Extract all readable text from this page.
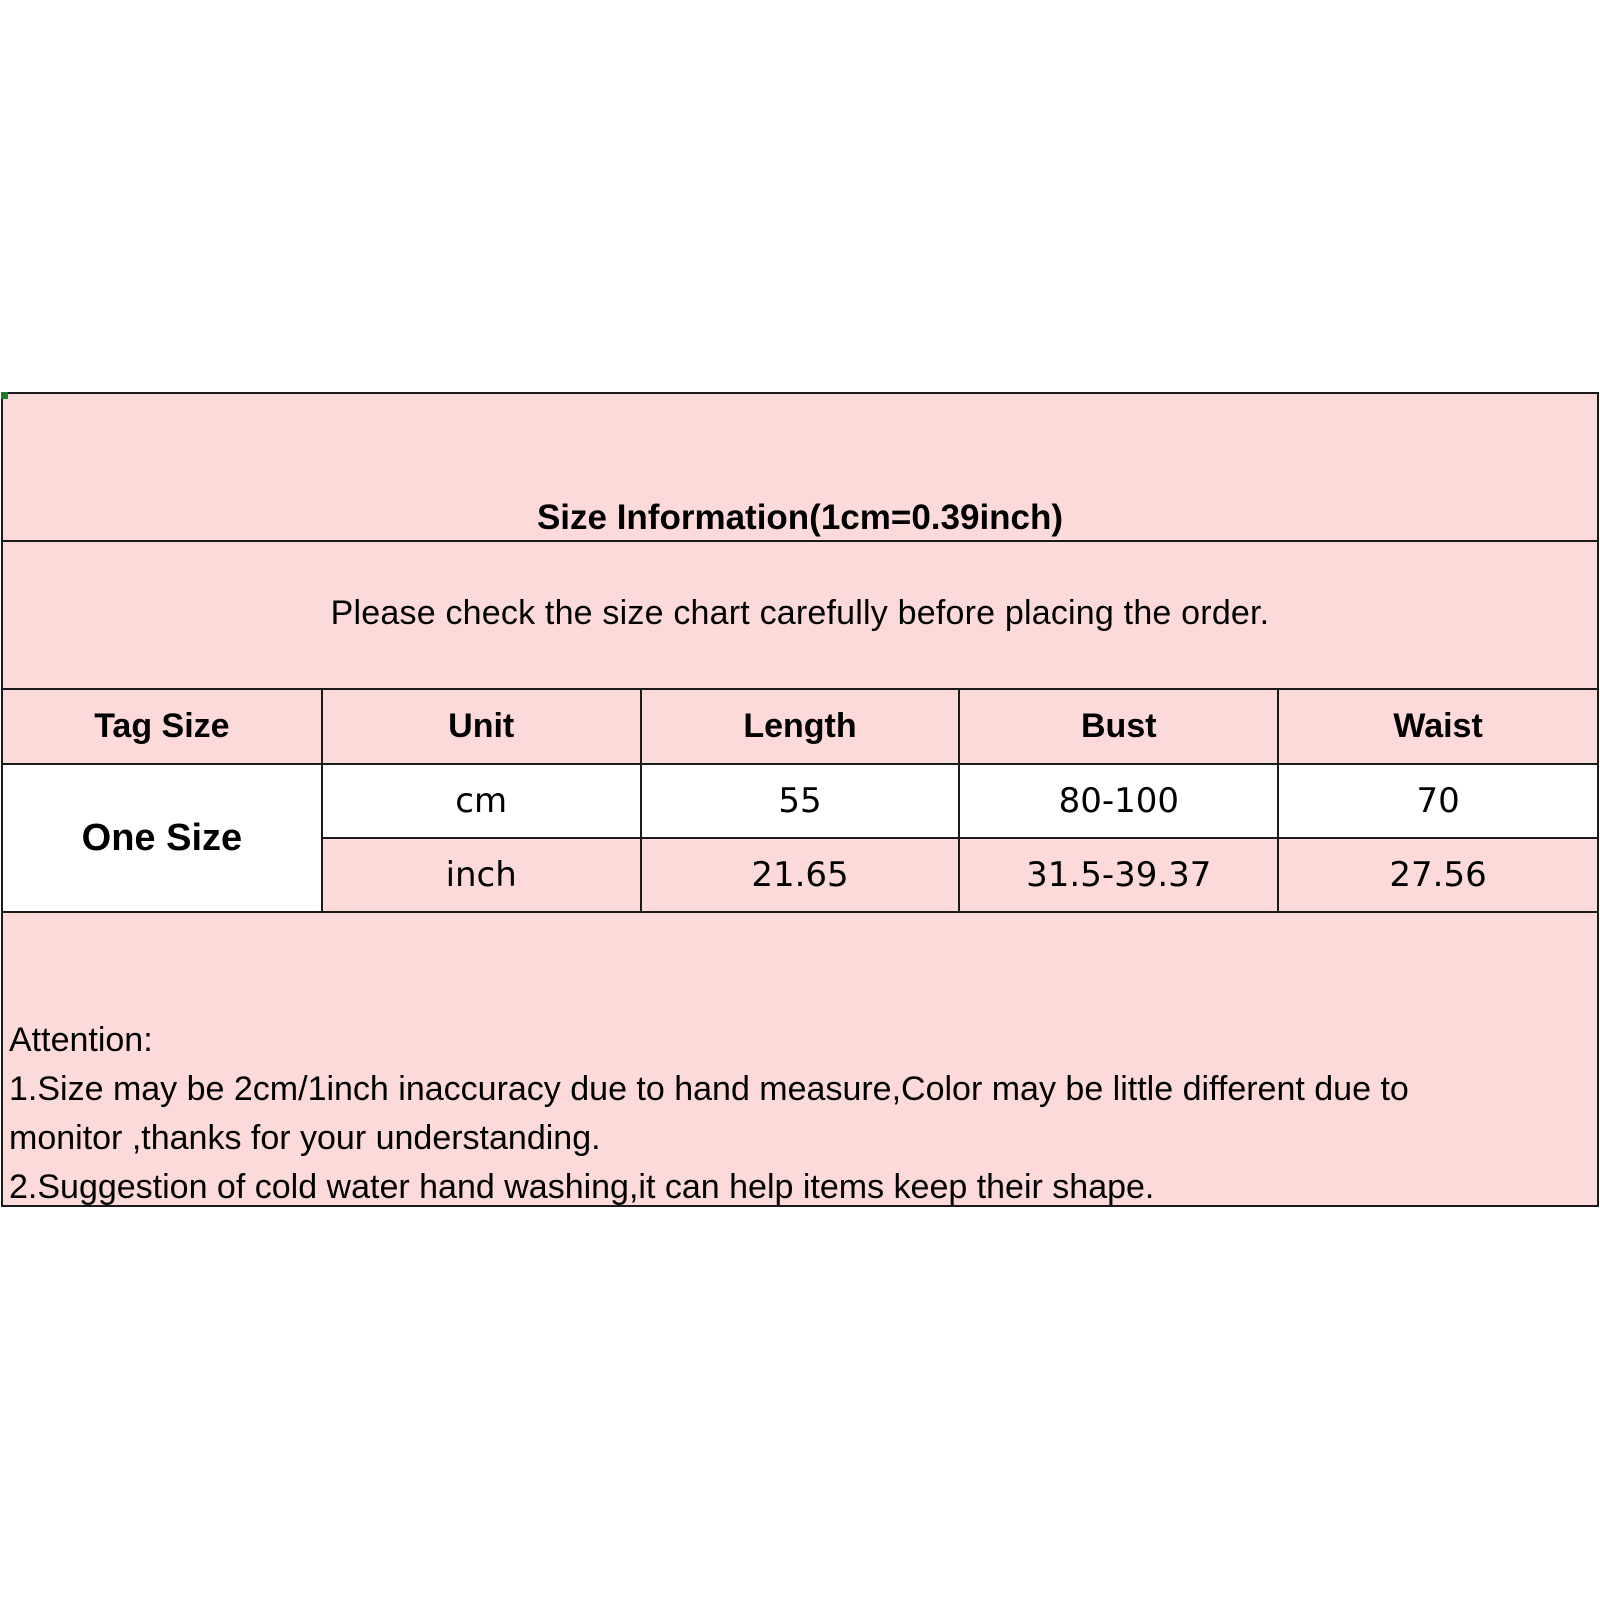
Size Information(1cm=0.39inch)
Please check the size chart carefully before placing the order.
Tag Size	Unit	Length	Bust	Waist
One Size	cm	55	80-100	70
	inch	21.65	31.5-39.37	27.56

Attention:

1.Size may be 2cm/1inch inaccuracy due to hand measure,Color may be little different due to

monitor ,thanks for your understanding.

2.Suggestion of cold water hand washing,it can help items keep their shape.
